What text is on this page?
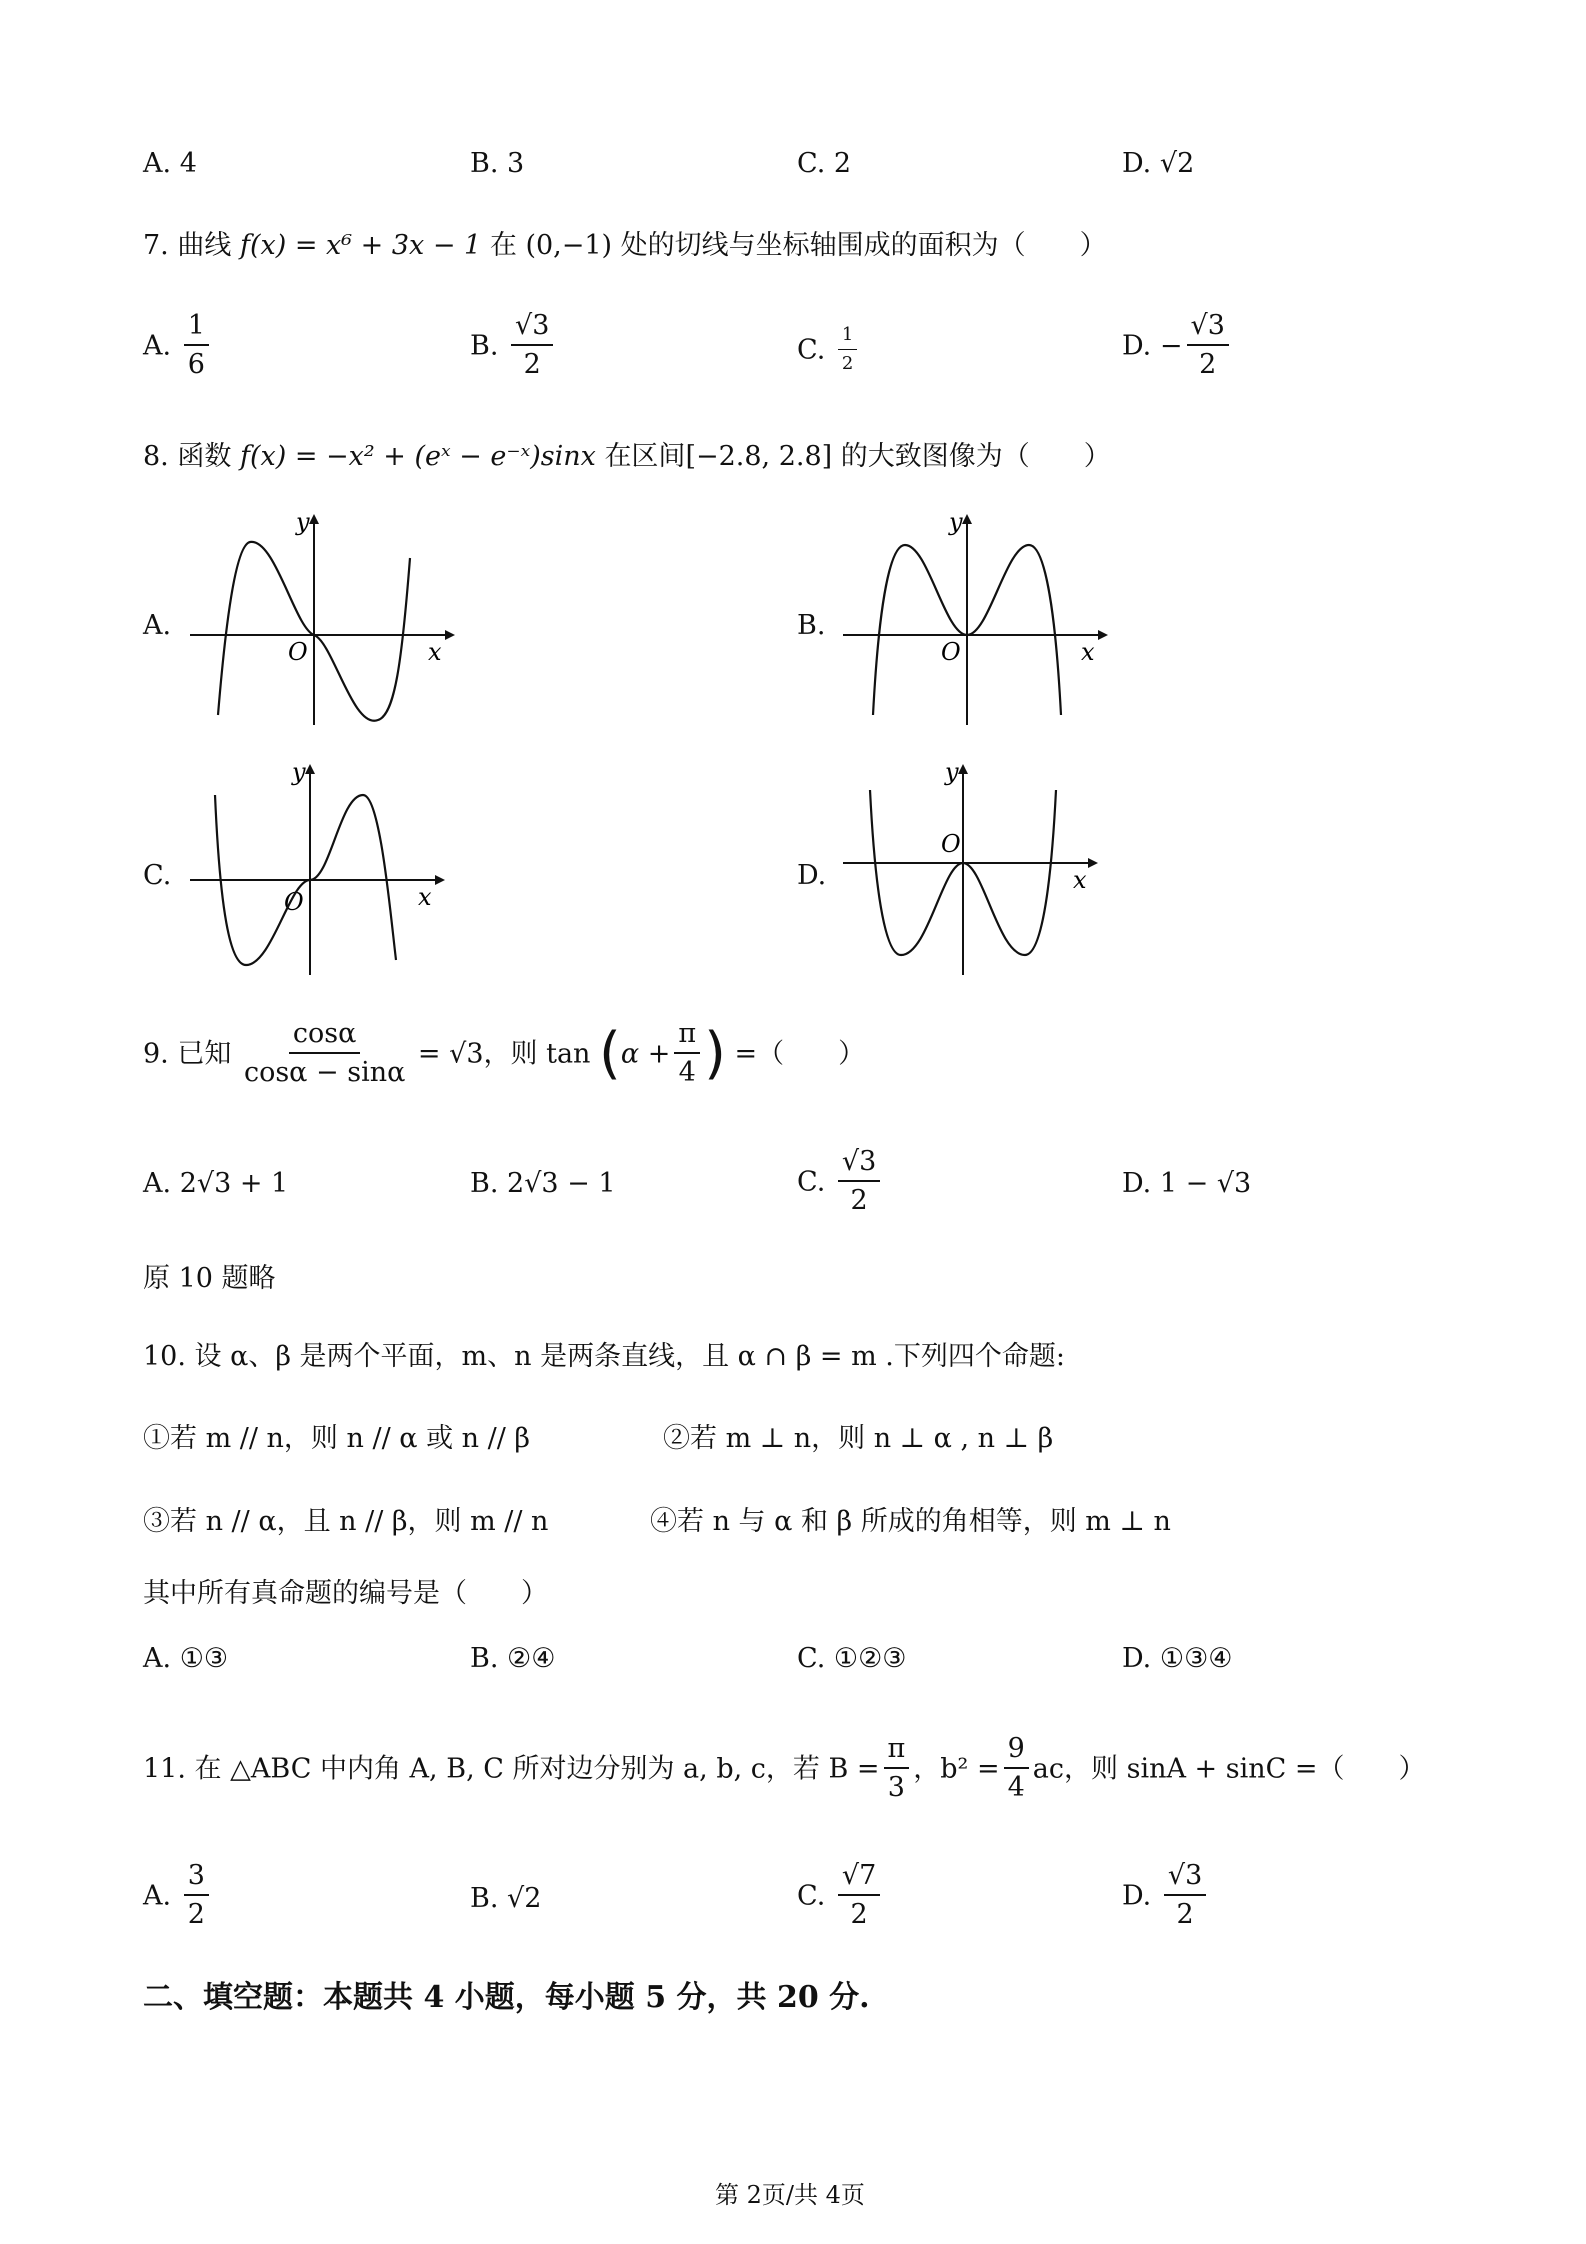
A. 4	B. 3	C. 2	D. √2
7. 曲线 f(x) = x⁶ + 3x − 1 在 (0,−1) 处的切线与坐标轴围成的面积为（　　）
A. $\frac{1}{6}$	B. $\frac{√3}{2}$	C. $\frac{1}{2}$	D. − $\frac{√3}{2}$
8. 函数 f(x) = −x² + (eˣ − e⁻ˣ)sinx 在区间[−2.8, 2.8] 的大致图像为（　　）
A.	B.
C.	D.
y
x
O
y
x
O
y
x
O
y
x
O
9. 已知 $\frac{\cos\alpha}{\cos\alpha - \sin\alpha} = √3$，则 $\tan (\alpha + \frac{\pi}{4}$ ) =（　　）
A. 2√3 + 1	B. 2√3 − 1	C. $\frac{√3}{2}$	D. 1 − √3
原 10 题略
10. 设 α、β 是两个平面，m、n 是两条直线，且 α ∩ β = m .下列四个命题:
①若 m // n，则 n // α 或 n // β	②若 m ⊥ n，则 n ⊥ α , n ⊥ β
③若 n // α，且 n // β，则 m // n	④若 n 与 α 和 β 所成的角相等，则 m ⊥ n
其中所有真命题的编号是（　　）
A. ①③	B. ②④	C. ①②③	D. ①③④
11. 在 △ABC 中内角 A, B, C 所对边分别为 a, b, c，若 $B = \frac{\pi}{3}$ ，$b^2 = \frac{9}{4}$ ac，则 sinA + sinC =（　　）
A. $\frac{3}{2}$	B. √2	C. $\frac{√7}{2}$	D. $\frac{√3}{2}$
二、填空题：本题共 4 小题，每小题 5 分，共 20 分.
第 2页/共 4页
